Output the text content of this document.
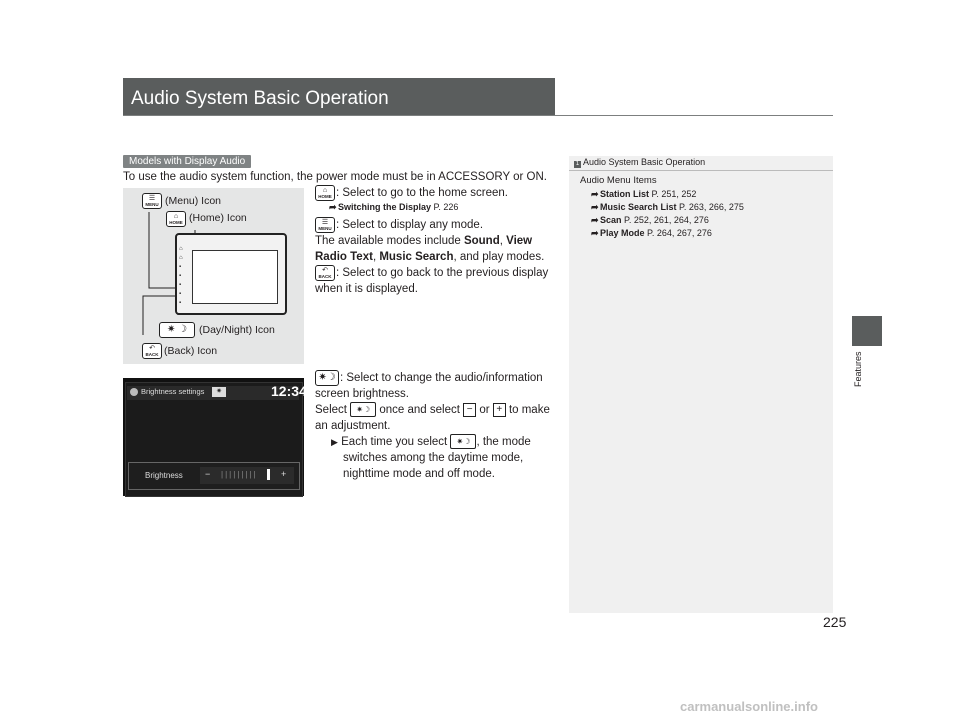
Audio System Basic Operation
Features
Models with Display Audio
To use the audio system function, the power mode must be in ACCESSORY or ON.
⌂
⌂
▪
▪
▪
▪
▪
☰
MENU (Menu) Icon
⌂
HOME (Home) Icon
✷ ☽	(Day/Night) Icon
↶
BACK (Back) Icon
⌂
HOME : Select to go to the home screen.
➦Switching the Display P. 226
☰
MENU : Select to display any mode.
The available modes include Sound, View
Radio Text, Music Search, and play modes.
↶
BACK : Select to go back to the previous display
when it is displayed.
Brightness settings	✷	12:34
Brightness − |||||||||	+
✷☽ : Select to change the audio/information
screen brightness.
Select ✷☽ once and select − or + to make
an adjustment.
▶ Each time you select ✷☽ , the mode
switches among the daytime mode,
nighttime mode and off mode.
1 Audio System Basic Operation
Audio Menu Items
➦Station List P. 251, 252
➦Music Search List P. 263, 266, 275
➦Scan P. 252, 261, 264, 276
➦Play Mode P. 264, 267, 276
225
carmanualsonline.info
